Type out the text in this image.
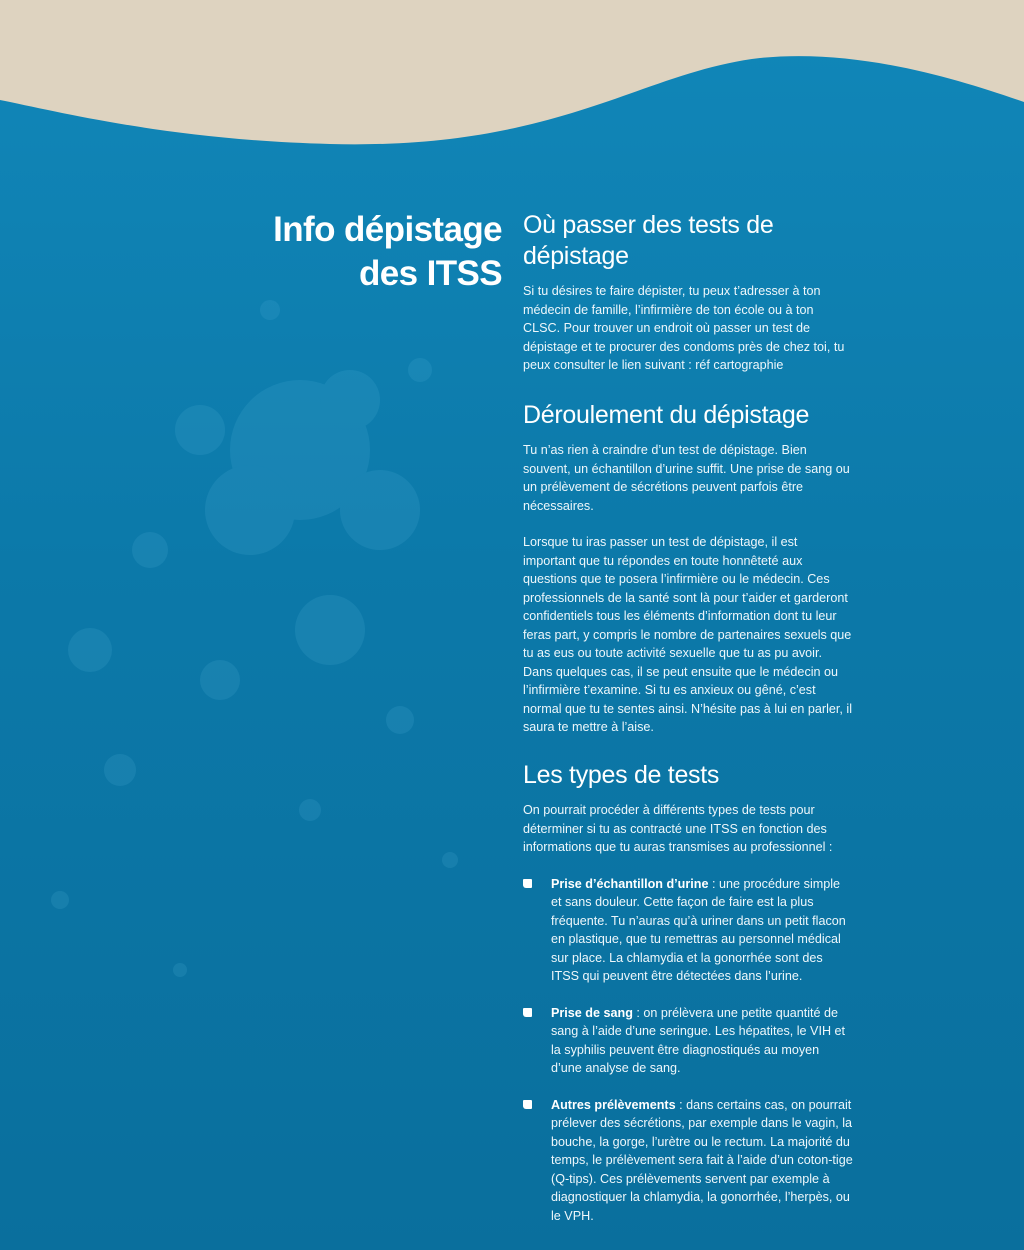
Info dépistage
des ITSS
Où passer des tests de dépistage

Si tu désires te faire dépister, tu peux t’adresser à ton médecin de famille, l’infirmière de ton école ou à ton CLSC. Pour trouver un endroit où passer un test de dépistage et te procurer des condoms près de chez toi, tu peux consulter le lien suivant : réf cartographie

Déroulement du dépistage

Tu n’as rien à craindre d’un test de dépistage. Bien souvent, un échantillon d’urine suffit. Une prise de sang ou un prélèvement de sécrétions peuvent parfois être nécessaires.

Lorsque tu iras passer un test de dépistage, il est important que tu répondes en toute honnêteté aux questions que te posera l’infirmière ou le médecin. Ces professionnels de la santé sont là pour t’aider et garderont confidentiels tous les éléments d’information dont tu leur feras part, y compris le nombre de partenaires sexuels que tu as eus ou toute activité sexuelle que tu as pu avoir. Dans quelques cas, il se peut ensuite que le médecin ou l’infirmière t’examine. Si tu es anxieux ou gêné, c’est normal que tu te sentes ainsi. N’hésite pas à lui en parler, il saura te mettre à l’aise.

Les types de tests

On pourrait procéder à différents types de tests pour déterminer si tu as contracté une ITSS en fonction des informations que tu auras transmises au professionnel :

Prise d’échantillon d’urine : une procédure simple et sans douleur. Cette façon de faire est la plus fréquente. Tu n’auras qu’à uriner dans un petit flacon en plastique, que tu remettras au personnel médical sur place. La chlamydia et la gonorrhée sont des ITSS qui peuvent être détectées dans l’urine.
Prise de sang : on prélèvera une petite quantité de sang à l’aide d’une seringue. Les hépatites, le VIH et la syphilis peuvent être diagnostiqués au moyen d’une analyse de sang.
Autres prélèvements : dans certains cas, on pourrait prélever des sécrétions, par exemple dans le vagin, la bouche, la gorge, l’urètre ou le rectum. La majorité du temps, le prélèvement sera fait à l’aide d’un coton-tige (Q-tips). Ces prélèvements servent par exemple à diagnostiquer la chlamydia, la gonorrhée, l’herpès, ou le VPH.
